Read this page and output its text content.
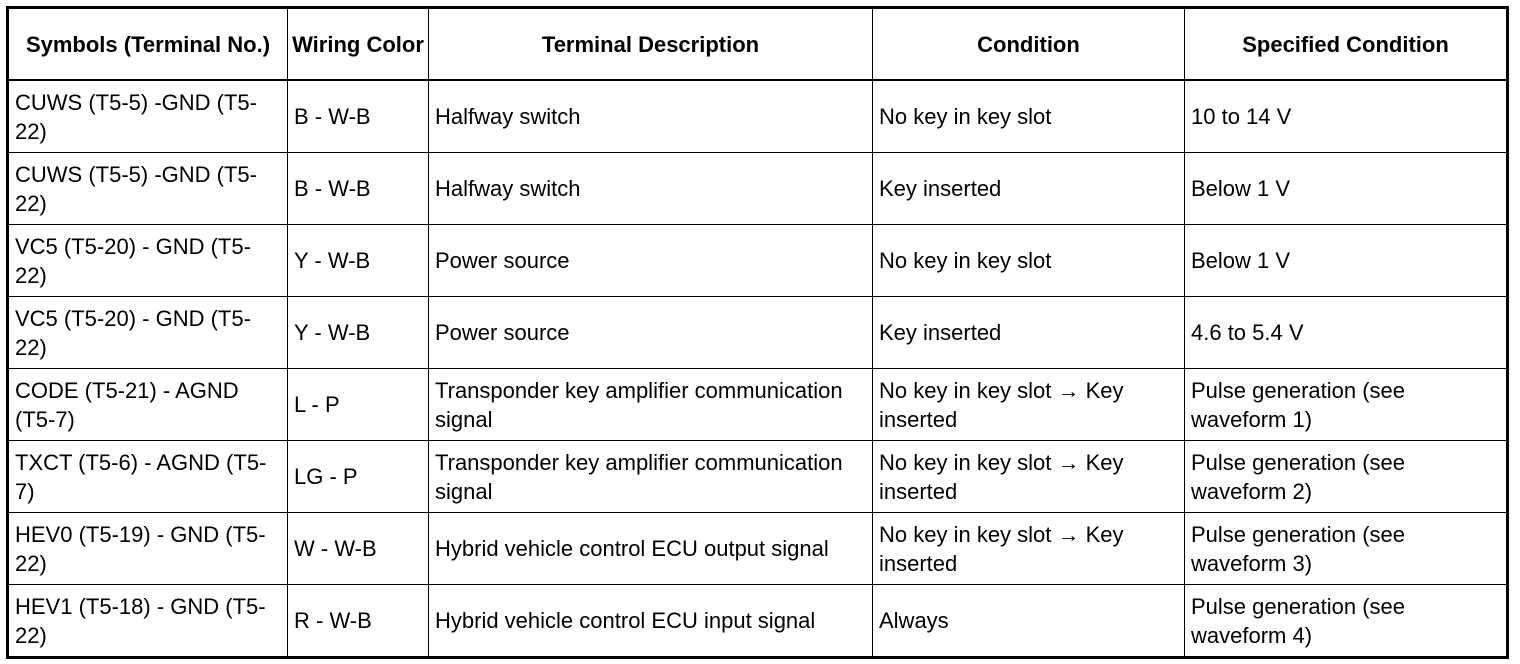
Symbols (Terminal No.)	Wiring Color	Terminal Description	Condition	Specified Condition
CUWS (T5-5) -GND (T5-22)	B - W-B	Halfway switch	No key in key slot	10 to 14 V
CUWS (T5-5) -GND (T5-22)	B - W-B	Halfway switch	Key inserted	Below 1 V
VC5 (T5-20) - GND (T5-22)	Y - W-B	Power source	No key in key slot	Below 1 V
VC5 (T5-20) - GND (T5-22)	Y - W-B	Power source	Key inserted	4.6 to 5.4 V
CODE (T5-21) - AGND (T5-7)	L - P	Transponder key amplifier communication signal	No key in key slot → Key inserted	Pulse generation (see waveform 1)
TXCT (T5-6) - AGND (T5-7)	LG - P	Transponder key amplifier communication signal	No key in key slot → Key inserted	Pulse generation (see waveform 2)
HEV0 (T5-19) - GND (T5-22)	W - W-B	Hybrid vehicle control ECU output signal	No key in key slot → Key inserted	Pulse generation (see waveform 3)
HEV1 (T5-18) - GND (T5-22)	R - W-B	Hybrid vehicle control ECU input signal	Always	Pulse generation (see waveform 4)
